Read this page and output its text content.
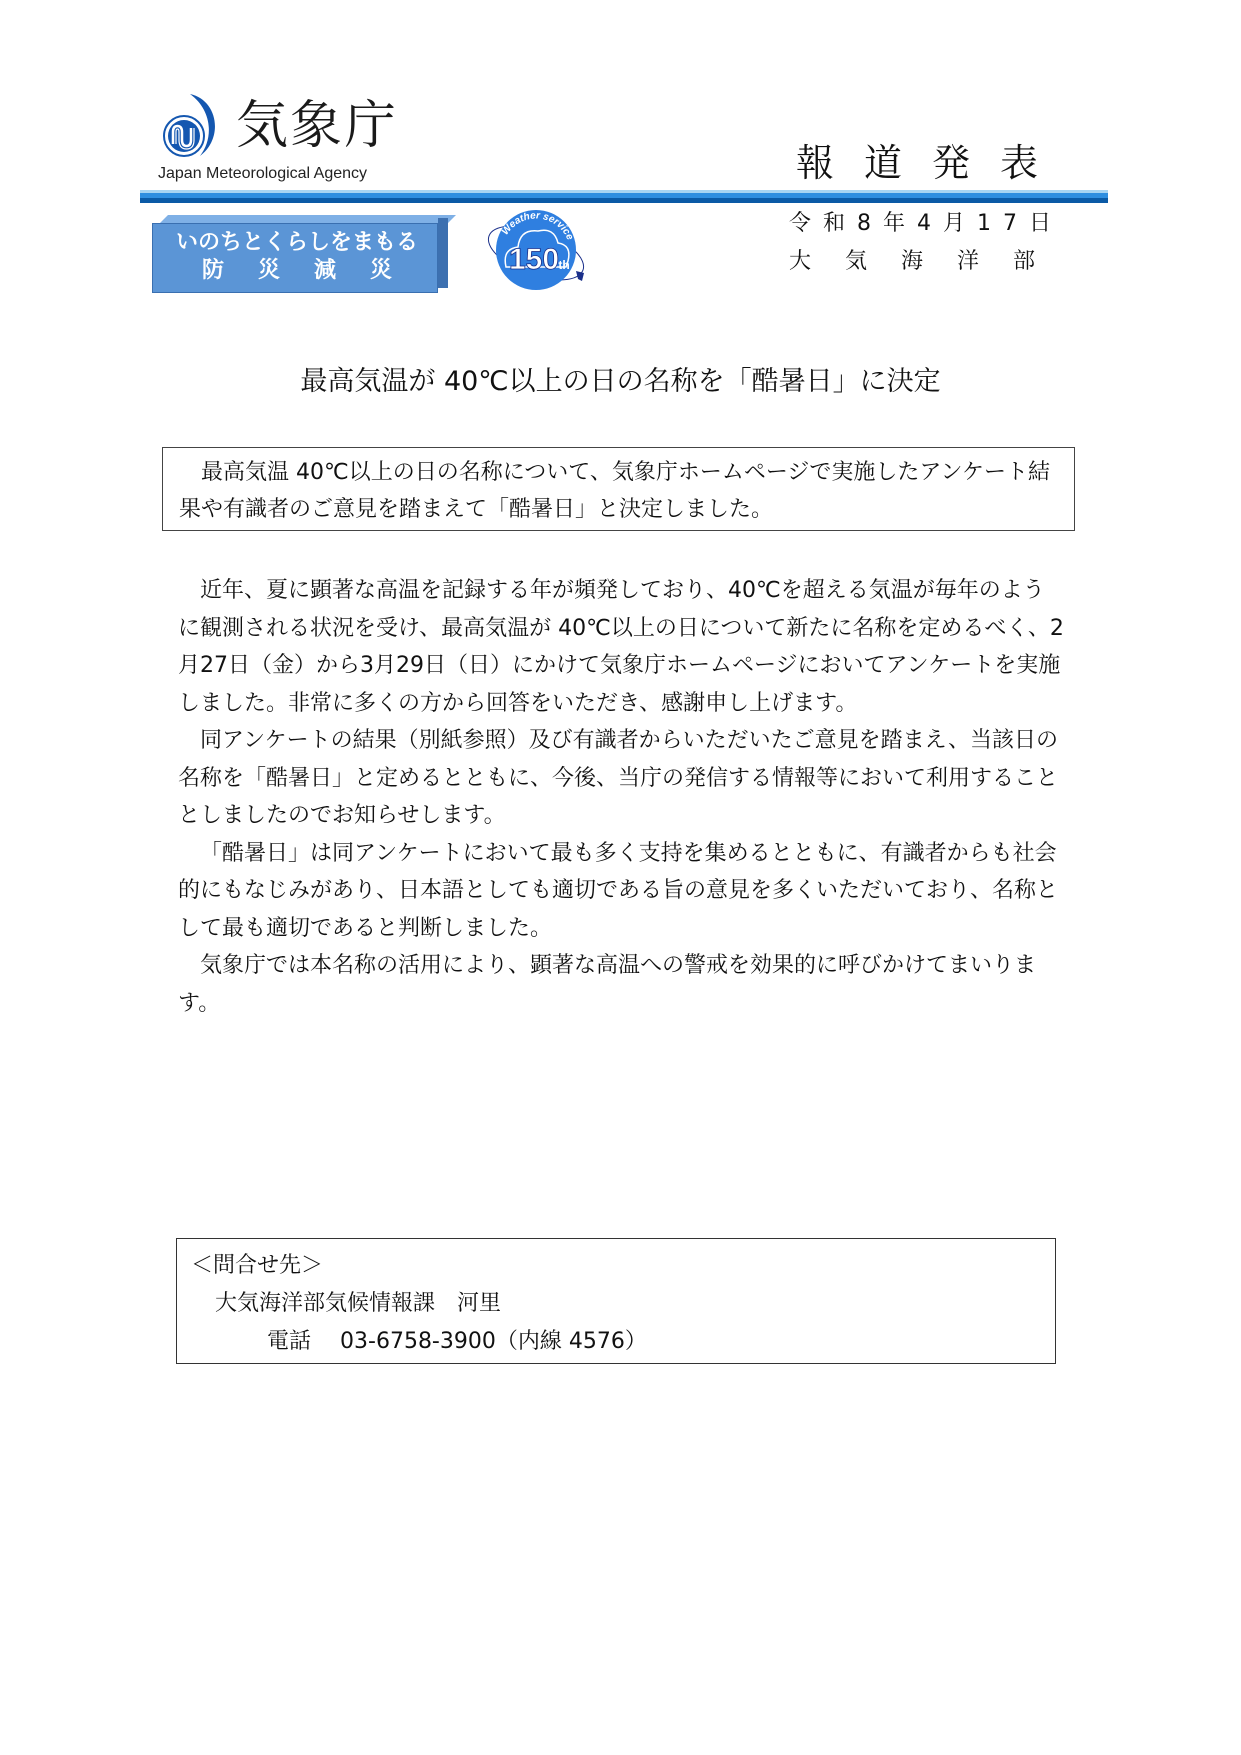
気象庁
Japan Meteorological Agency	報道発表
いのちとくらしをまもる
防災減災	150 th
Weather service
令和8年4月17日
大気海洋部
最高気温が 40℃以上の日の名称を「酷暑日」に決定

最高気温 40℃以上の日の名称について、気象庁ホームページで実施したアンケート結果や有識者のご意見を踏まえて「酷暑日」と決定しました。

近年、夏に顕著な高温を記録する年が頻発しており、40℃を超える気温が毎年のように観測される状況を受け、最高気温が 40℃以上の日について新たに名称を定めるべく、2月27日（金）から3月29日（日）にかけて気象庁ホームページにおいてアンケートを実施しました。非常に多くの方から回答をいただき、感謝申し上げます。

同アンケートの結果（別紙参照）及び有識者からいただいたご意見を踏まえ、当該日の名称を「酷暑日」と定めるとともに、今後、当庁の発信する情報等において利用することとしましたのでお知らせします。

「酷暑日」は同アンケートにおいて最も多く支持を集めるとともに、有識者からも社会的にもなじみがあり、日本語としても適切である旨の意見を多くいただいており、名称として最も適切であると判断しました。

気象庁では本名称の活用により、顕著な高温への警戒を効果的に呼びかけてまいります。

＜問合せ先＞
大気海洋部気候情報課　河里
電話　 03-6758-3900（内線 4576）
